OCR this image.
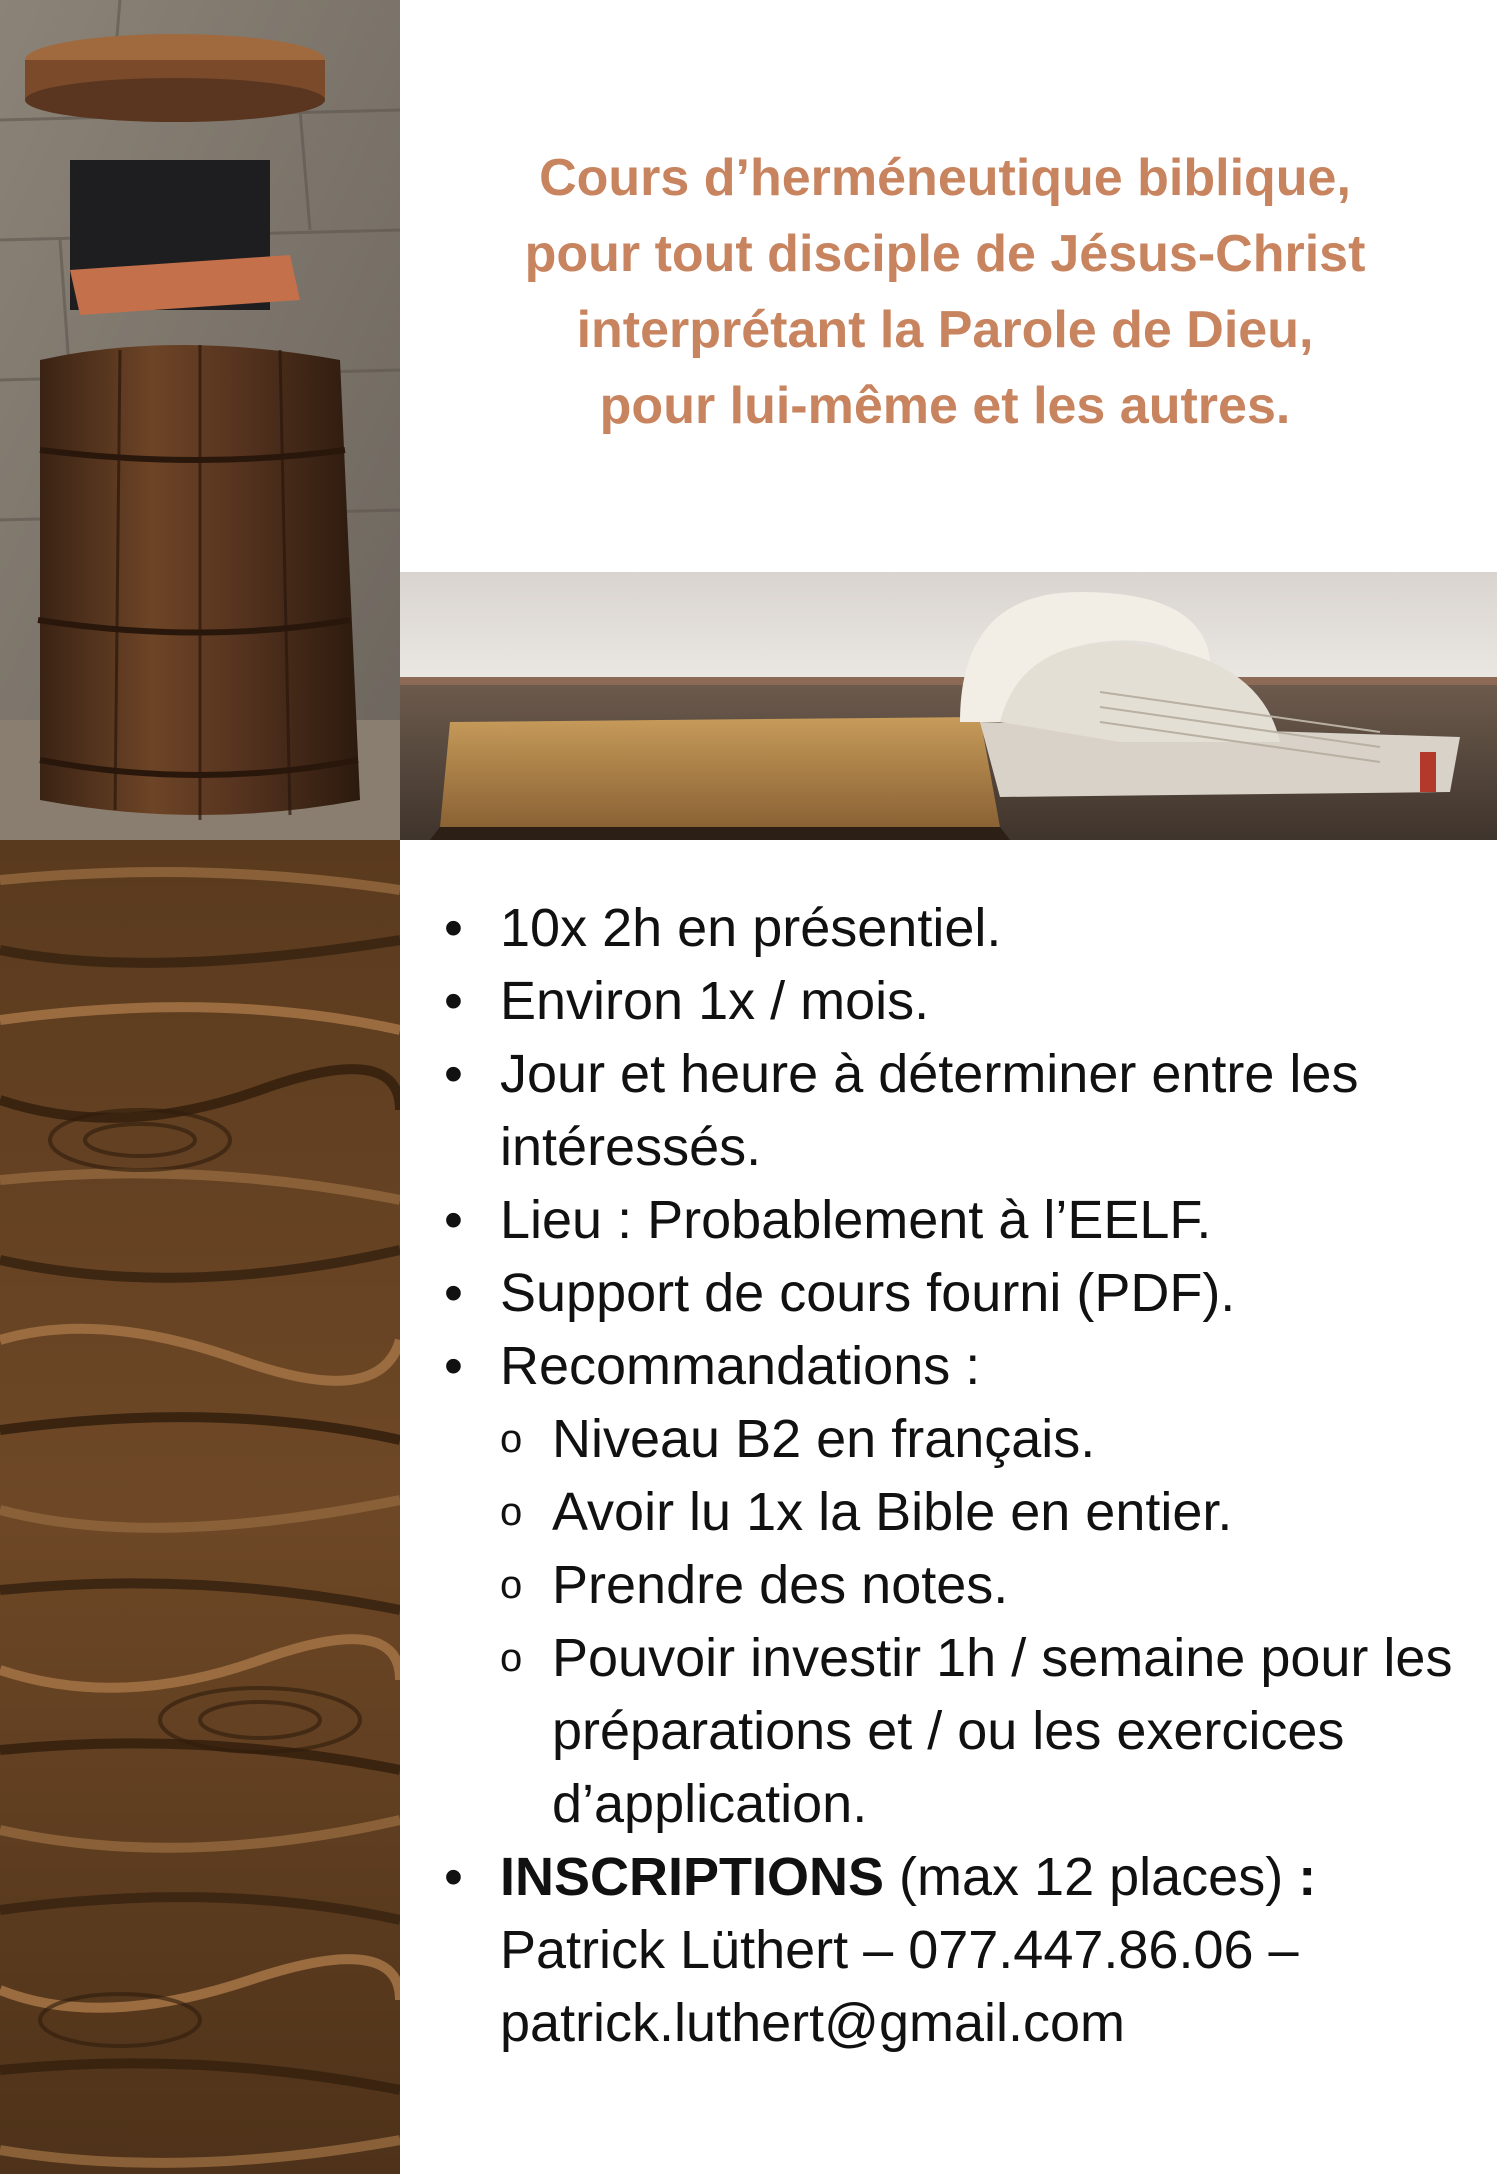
Cours d’herméneutique biblique,
pour tout disciple de Jésus-Christ
interprétant la Parole de Dieu,
pour lui-même et les autres.
• 10x 2h en présentiel.
• Environ 1x / mois.
• Jour et heure à déterminer entre les intéressés.
• Lieu : Probablement à l’EELF.
• Support de cours fourni (PDF).
• Recommandations :
o Niveau B2 en français.
o Avoir lu 1x la Bible en entier.
o Prendre des notes.
o Pouvoir investir 1h / semaine pour les préparations et / ou les exercices d’application.
• INSCRIPTIONS (max 12 places) :
Patrick Lüthert – 077.447.86.06 –
patrick.luthert@gmail.com
